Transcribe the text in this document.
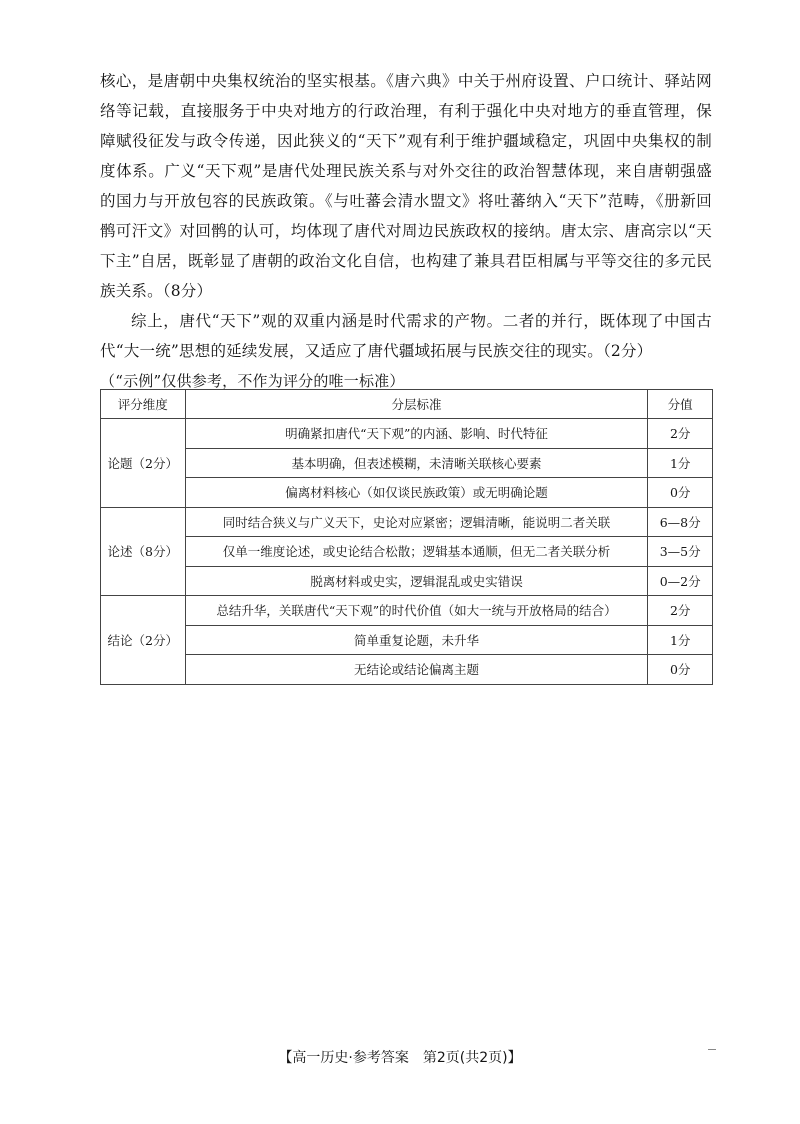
核心，是唐朝中央集权统治的坚实根基。《唐六典》中关于州府设置、户口统计、驿站网络等记载，直接服务于中央对地方的行政治理，有利于强化中央对地方的垂直管理，保障赋役征发与政令传递，因此狭义的“天下”观有利于维护疆域稳定，巩固中央集权的制度体系。广义“天下观”是唐代处理民族关系与对外交往的政治智慧体现，来自唐朝强盛的国力与开放包容的民族政策。《与吐蕃会清水盟文》将吐蕃纳入“天下”范畴，《册新回鹘可汗文》对回鹘的认可，均体现了唐代对周边民族政权的接纳。唐太宗、唐高宗以“天下主”自居，既彰显了唐朝的政治文化自信，也构建了兼具君臣相属与平等交往的多元民族关系。（8分）

综上，唐代“天下”观的双重内涵是时代需求的产物。二者的并行，既体现了中国古代“大一统”思想的延续发展，又适应了唐代疆域拓展与民族交往的现实。（2分）

（“示例”仅供参考，不作为评分的唯一标准）

评分维度	分层标准	分值
论题（2分）	明确紧扣唐代“天下观”的内涵、影响、时代特征	2分
	基本明确，但表述模糊，未清晰关联核心要素	1分
	偏离材料核心（如仅谈民族政策）或无明确论题	0分
论述（8分）	同时结合狭义与广义天下，史论对应紧密；逻辑清晰，能说明二者关联	6—8分
	仅单一维度论述，或史论结合松散；逻辑基本通顺，但无二者关联分析	3—5分
	脱离材料或史实，逻辑混乱或史实错误	0—2分
结论（2分）	总结升华，关联唐代“天下观”的时代价值（如大一统与开放格局的结合）	2分
	简单重复论题，未升华	1分
	无结论或结论偏离主题	0分
【高一历史·参考答案　第2页(共2页)】
